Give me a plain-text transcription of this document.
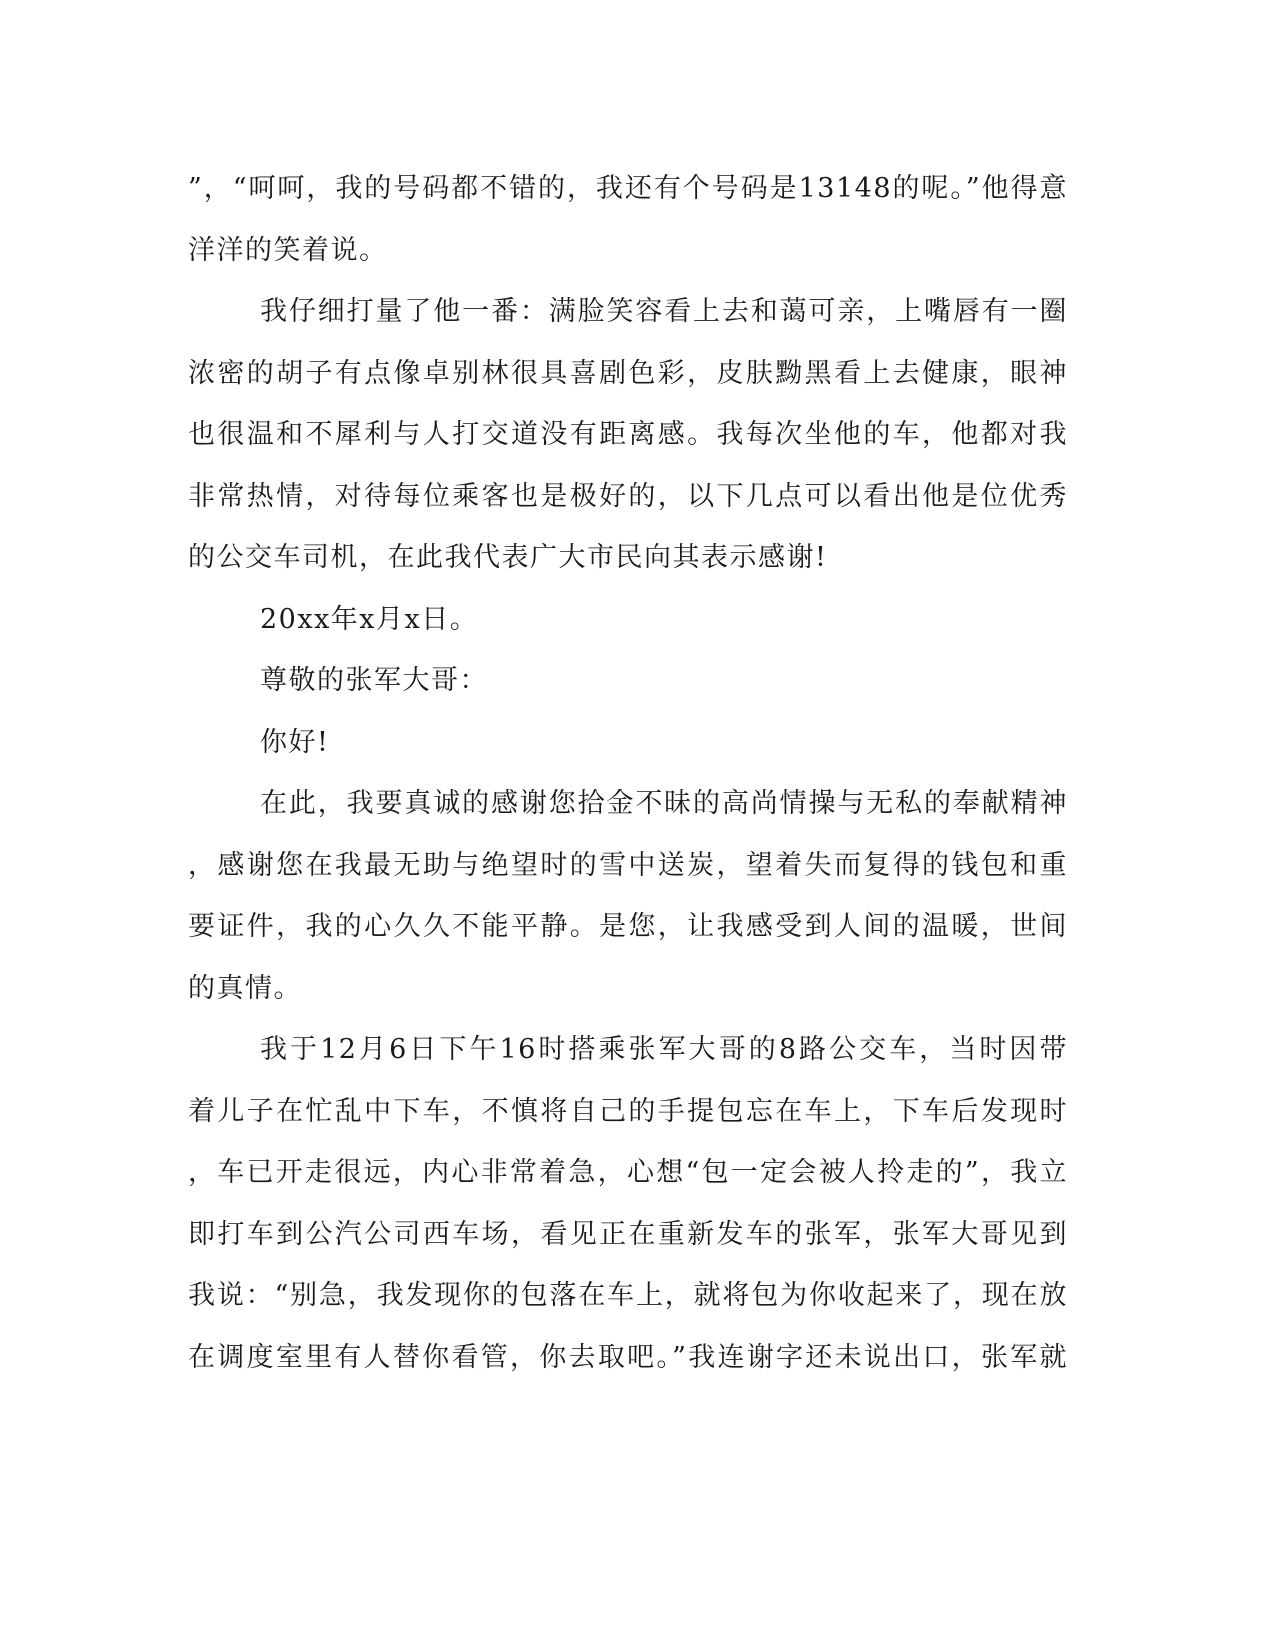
”，“呵呵，我的号码都不错的，我还有个号码是13148的呢。”他得意
洋洋的笑着说。
我仔细打量了他一番：满脸笑容看上去和蔼可亲，上嘴唇有一圈
浓密的胡子有点像卓别林很具喜剧色彩，皮肤黝黑看上去健康，眼神
也很温和不犀利与人打交道没有距离感。我每次坐他的车，他都对我
非常热情，对待每位乘客也是极好的，以下几点可以看出他是位优秀
的公交车司机，在此我代表广大市民向其表示感谢!
20xx年x月x日。
尊敬的张军大哥：
你好!
在此，我要真诚的感谢您拾金不昧的高尚情操与无私的奉献精神
，感谢您在我最无助与绝望时的雪中送炭，望着失而复得的钱包和重
要证件，我的心久久不能平静。是您，让我感受到人间的温暖，世间
的真情。
我于12月6日下午16时搭乘张军大哥的8路公交车，当时因带
着儿子在忙乱中下车，不慎将自己的手提包忘在车上，下车后发现时
，车已开走很远，内心非常着急，心想“包一定会被人拎走的”，我立
即打车到公汽公司西车场，看见正在重新发车的张军，张军大哥见到
我说：“别急，我发现你的包落在车上，就将包为你收起来了，现在放
在调度室里有人替你看管，你去取吧。”我连谢字还未说出口，张军就
